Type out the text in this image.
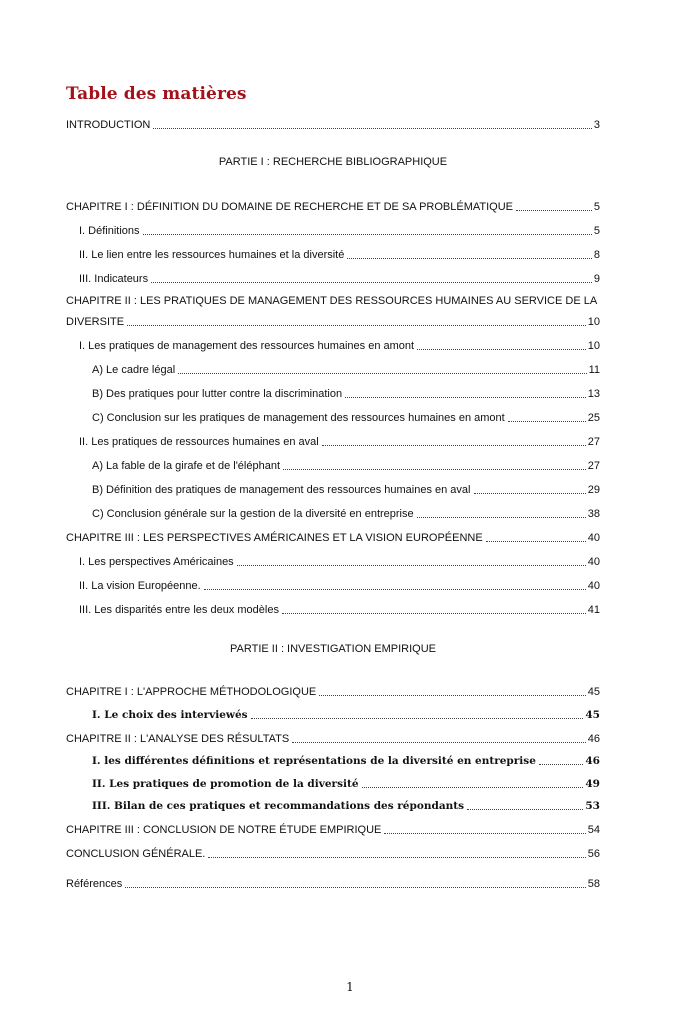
Table des matières
INTRODUCTION	3

PARTIE I : RECHERCHE BIBLIOGRAPHIQUE

CHAPITRE I : DÉFINITION DU DOMAINE DE RECHERCHE ET DE SA PROBLÉMATIQUE	5
I. Définitions	5
II. Le lien entre les ressources humaines et la diversité	8
III. Indicateurs	9
CHAPITRE II : LES PRATIQUES DE MANAGEMENT DES RESSOURCES HUMAINES AU SERVICE DE LA
DIVERSITE	10
I. Les pratiques de management des ressources humaines en amont	10
A) Le cadre légal	11
B) Des pratiques pour lutter contre la discrimination	13
C) Conclusion sur les pratiques de management des ressources humaines en amont	25
II. Les pratiques de ressources humaines en aval	27
A) La fable de la girafe et de l'éléphant	27
B) Définition des pratiques de management des ressources humaines en aval	29
C) Conclusion générale sur la gestion de la diversité en entreprise	38
CHAPITRE III : LES PERSPECTIVES AMÉRICAINES ET LA VISION EUROPÉENNE	40
I. Les perspectives Américaines	40
II. La vision Européenne.	40
III. Les disparités entre les deux modèles	41

PARTIE II : INVESTIGATION EMPIRIQUE

CHAPITRE I : L'APPROCHE MÉTHODOLOGIQUE	45
I. Le choix des interviewés	45
CHAPITRE II : L'ANALYSE DES RÉSULTATS	46
I. les différentes définitions et représentations de la diversité en entreprise	46
II. Les pratiques de promotion de la diversité	49
III. Bilan de ces pratiques et recommandations des répondants	53
CHAPITRE III : CONCLUSION DE NOTRE ÉTUDE EMPIRIQUE	54
CONCLUSION GÉNÉRALE.	56
Références	58
1
